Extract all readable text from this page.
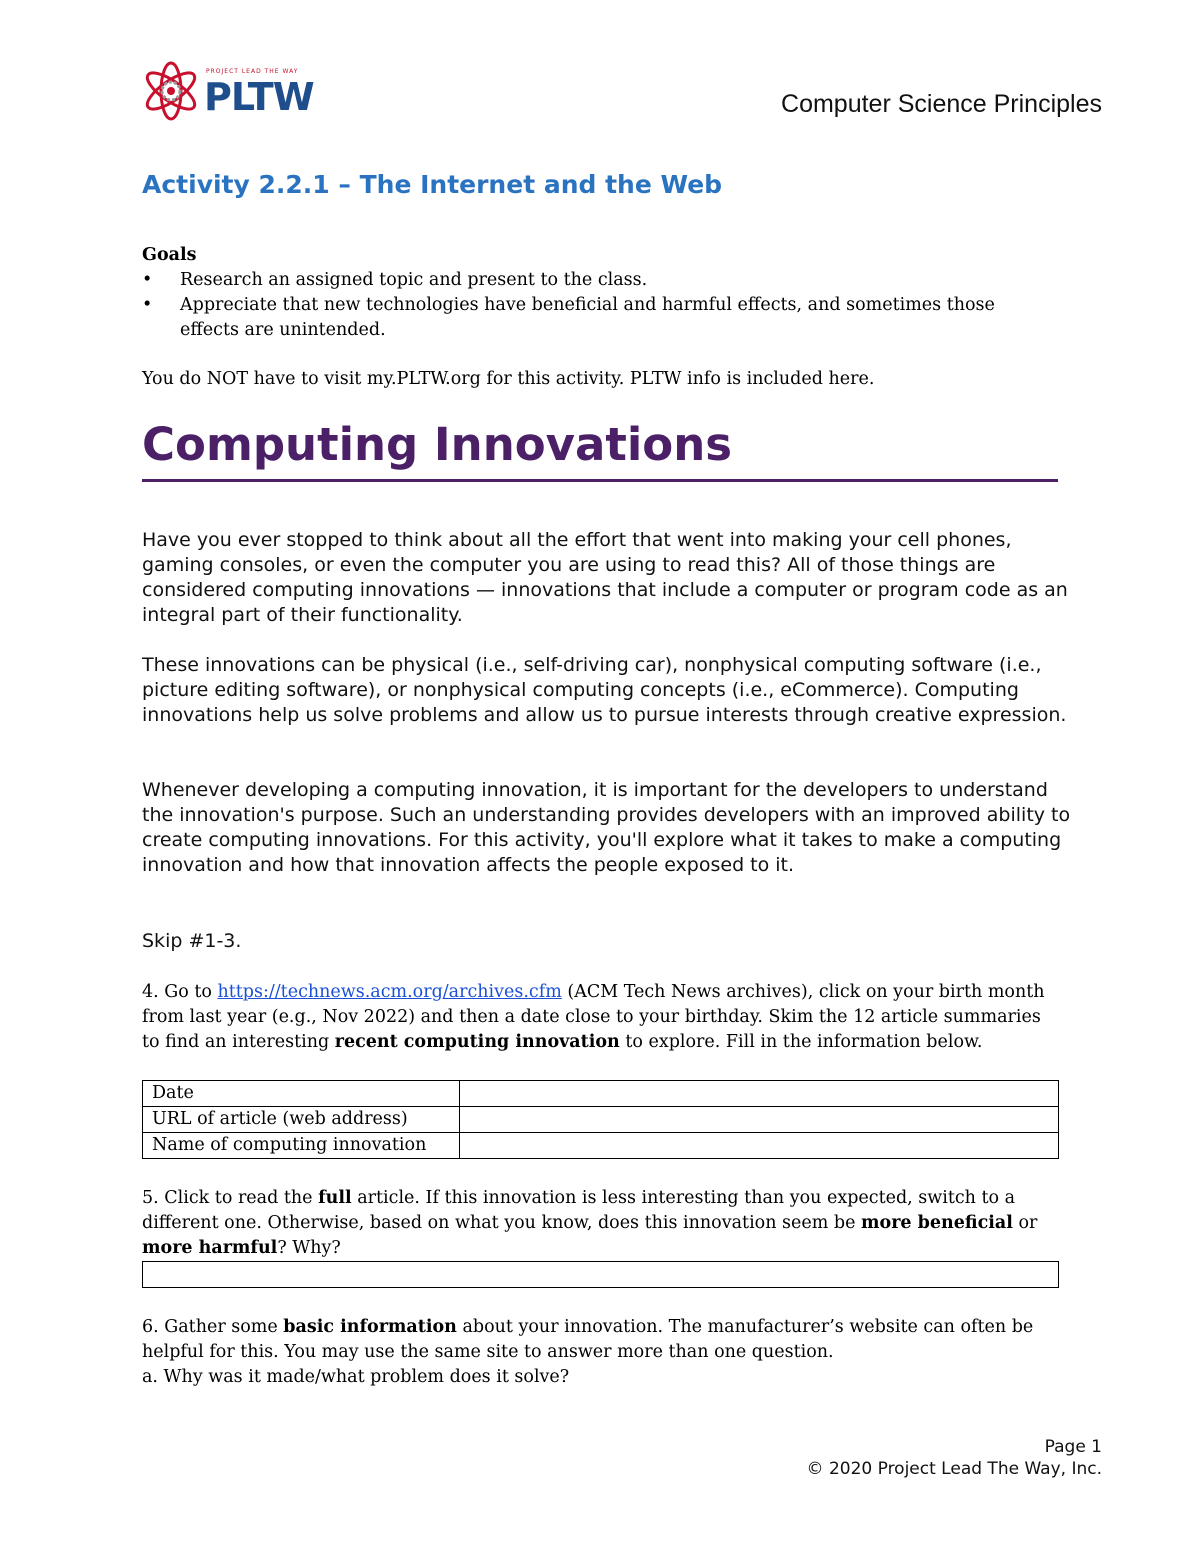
PROJECT LEAD THE WAY
PLTW	Computer Science Principles
Activity 2.2.1 – The Internet and the Web
Goals
•	Research an assigned topic and present to the class.
•	Appreciate that new technologies have beneficial and harmful effects, and sometimes those effects are unintended.
You do NOT have to visit my.PLTW.org for this activity. PLTW info is included here.
Computing Innovations
Have you ever stopped to think about all the effort that went into making your cell phones, gaming consoles, or even the computer you are using to read this? All of those things are considered computing innovations — innovations that include a computer or program code as an integral part of their functionality.
These innovations can be physical (i.e., self-driving car), nonphysical computing software (i.e., picture editing software), or nonphysical computing concepts (i.e., eCommerce). Computing innovations help us solve problems and allow us to pursue interests through creative expression.
Whenever developing a computing innovation, it is important for the developers to understand the innovation's purpose. Such an understanding provides developers with an improved ability to create computing innovations. For this activity, you'll explore what it takes to make a computing innovation and how that innovation affects the people exposed to it.
Skip #1-3.
4. Go to https://technews.acm.org/archives.cfm (ACM Tech News archives), click on your birth month from last year (e.g., Nov 2022) and then a date close to your birthday. Skim the 12 article summaries to find an interesting recent computing innovation to explore. Fill in the information below.
Date	
URL of article (web address)	
Name of computing innovation	
5. Click to read the full article. If this innovation is less interesting than you expected, switch to a different one. Otherwise, based on what you know, does this innovation seem be more beneficial or more harmful? Why?
6. Gather some basic information about your innovation. The manufacturer’s website can often be helpful for this. You may use the same site to answer more than one question.
a. Why was it made/what problem does it solve?
Page 1
© 2020 Project Lead The Way, Inc.
